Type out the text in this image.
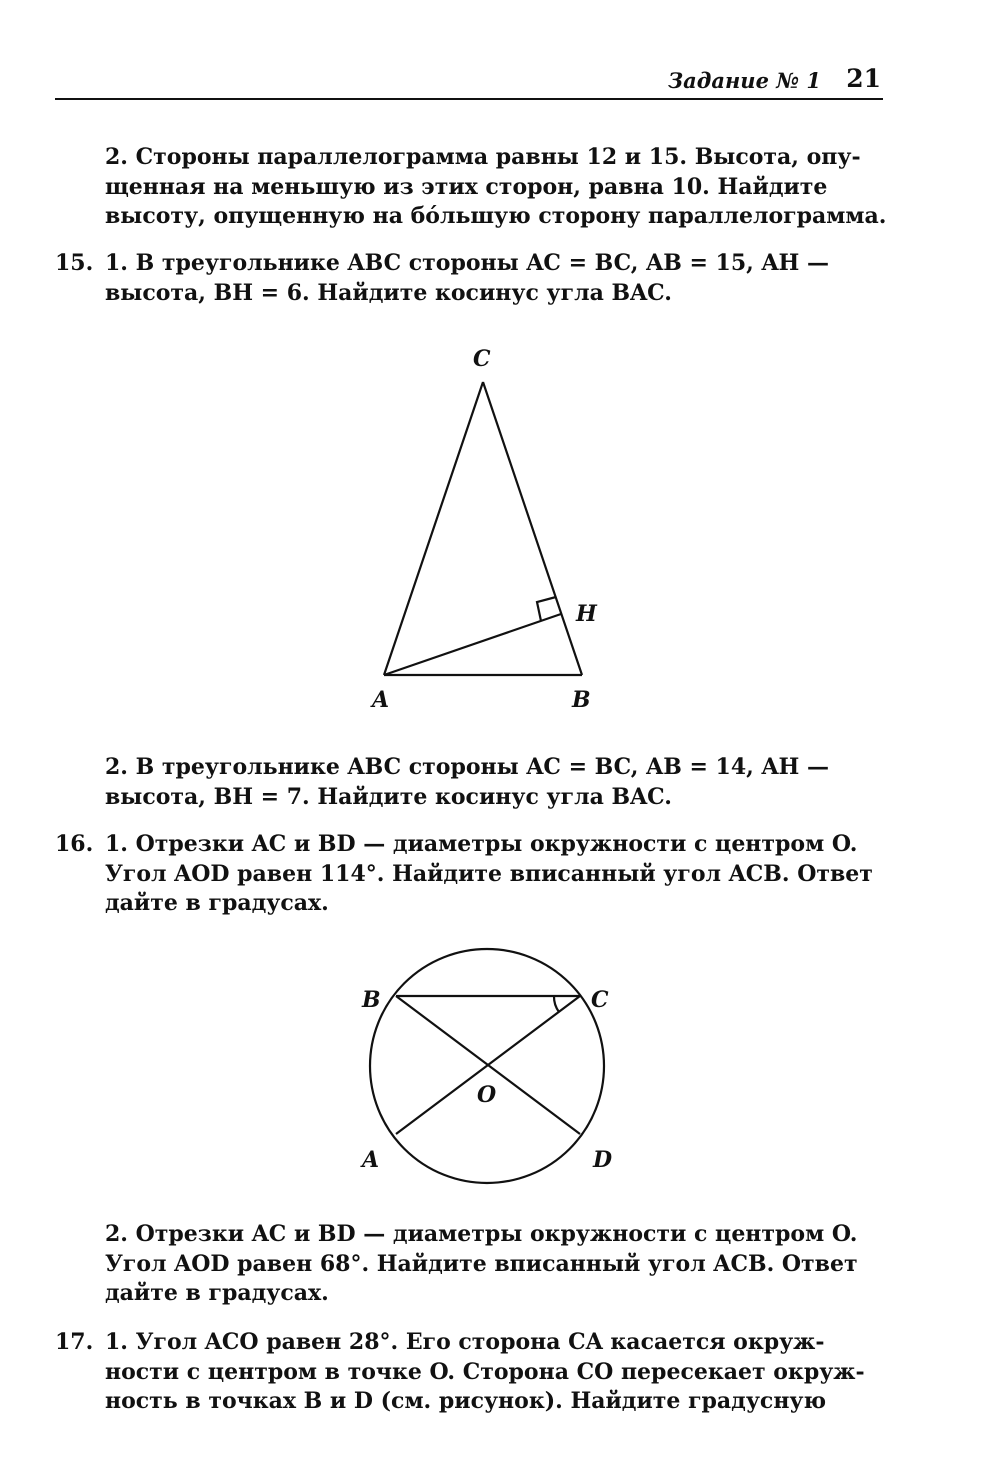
Задание № 1 21
2. Стороны параллелограмма равны 12 и 15. Высота, опу-
щенная на меньшую из этих сторон, равна 10. Найдите
высоту, опущенную на бóльшую сторону параллелограмма.
15. 1. В треугольнике ABC стороны AC = BC, AB = 15, AH —
высота, BH = 6. Найдите косинус угла BAC.
C
H
A	B
2. В треугольнике ABC стороны AC = BC, AB = 14, AH —
высота, BH = 7. Найдите косинус угла BAC.
16. 1. Отрезки AC и BD — диаметры окружности с центром O.
Угол AOD равен 114°. Найдите вписанный угол ACB. Ответ
дайте в градусах.
B	C
O
A	D
2. Отрезки AC и BD — диаметры окружности с центром O.
Угол AOD равен 68°. Найдите вписанный угол ACB. Ответ
дайте в градусах.
17. 1. Угол ACO равен 28°. Его сторона CA касается окруж-
ности с центром в точке O. Сторона CO пересекает окруж-
ность в точках B и D (см. рисунок). Найдите градусную
